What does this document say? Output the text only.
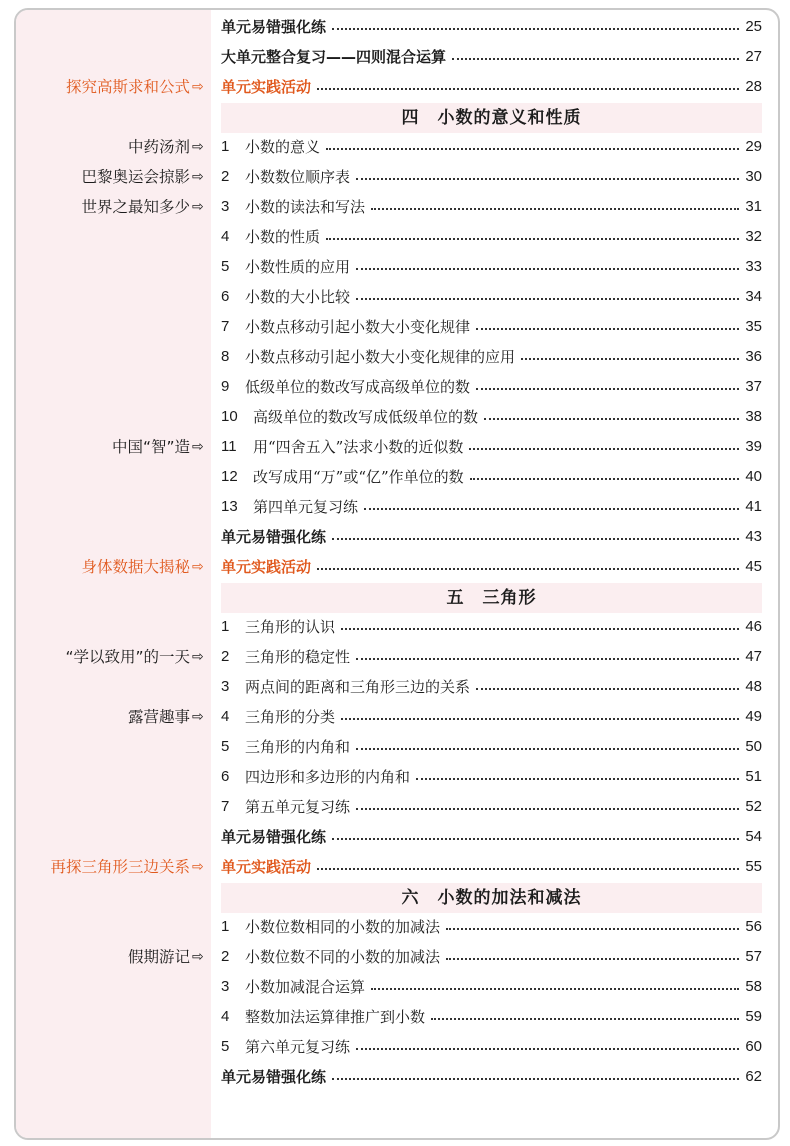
单元易错强化练	25
大单元整合复习——四则混合运算	27
探究高斯求和公式 ⇨ 单元实践活动	28
四　小数的意义和性质
中药汤剂 ⇨ 1	小数的意义	29
巴黎奥运会掠影 ⇨ 2	小数数位顺序表	30
世界之最知多少 ⇨ 3	小数的读法和写法	31
4	小数的性质	32
5	小数性质的应用	33
6	小数的大小比较	34
7	小数点移动引起小数大小变化规律	35
8	小数点移动引起小数大小变化规律的应用	36
9	低级单位的数改写成高级单位的数	37
10	高级单位的数改写成低级单位的数	38
中国“智”造 ⇨ 11	用“四舍五入”法求小数的近似数	39
12	改写成用“万”或“亿”作单位的数	40
13	第四单元复习练	41
单元易错强化练	43
身体数据大揭秘 ⇨ 单元实践活动	45
五　三角形
1	三角形的认识	46
“学以致用”的一天 ⇨ 2	三角形的稳定性	47
3	两点间的距离和三角形三边的关系	48
露营趣事 ⇨ 4	三角形的分类	49
5	三角形的内角和	50
6	四边形和多边形的内角和	51
7	第五单元复习练	52
单元易错强化练	54
再探三角形三边关系 ⇨ 单元实践活动	55
六　小数的加法和减法
1	小数位数相同的小数的加减法	56
假期游记 ⇨ 2	小数位数不同的小数的加减法	57
3	小数加减混合运算	58
4	整数加法运算律推广到小数	59
5	第六单元复习练	60
单元易错强化练	62
